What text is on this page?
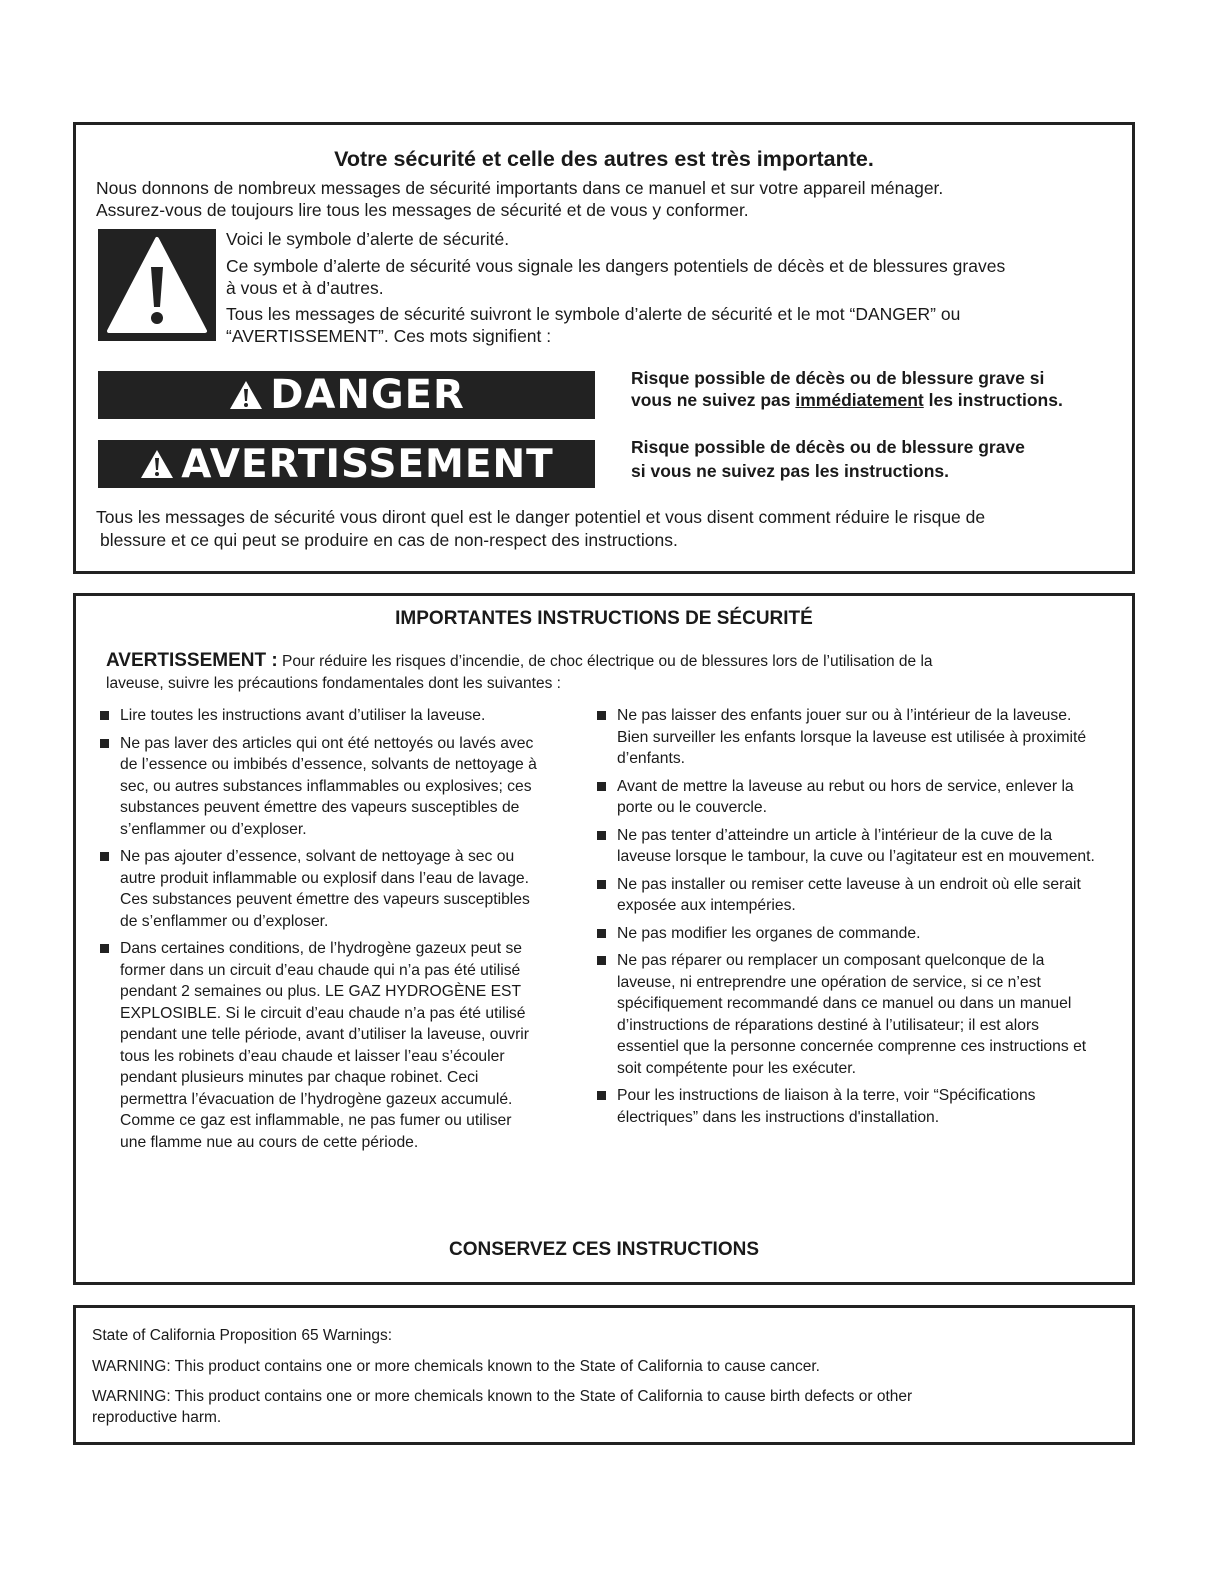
Votre sécurité et celle des autres est très importante.
Nous donnons de nombreux messages de sécurité importants dans ce manuel et sur votre appareil ménager.
Assurez-vous de toujours lire tous les messages de sécurité et de vous y conformer.
Voici le symbole d’alerte de sécurité.
Ce symbole d’alerte de sécurité vous signale les dangers potentiels de décès et de blessures graves
à vous et à d’autres.
Tous les messages de sécurité suivront le symbole d’alerte de sécurité et le mot “DANGER” ou
“AVERTISSEMENT”. Ces mots signifient :
DANGER	Risque possible de décès ou de blessure grave si
vous ne suivez pas immédiatement les instructions.
AVERTISSEMENT	Risque possible de décès ou de blessure grave
si vous ne suivez pas les instructions.
Tous les messages de sécurité vous diront quel est le danger potentiel et vous disent comment réduire le risque de
blessure et ce qui peut se produire en cas de non-respect des instructions.
IMPORTANTES INSTRUCTIONS DE SÉCURITÉ
AVERTISSEMENT : Pour réduire les risques d’incendie, de choc électrique ou de blessures lors de l’utilisation de la
laveuse, suivre les précautions fondamentales dont les suivantes :
Lire toutes les instructions avant d’utiliser la laveuse.
Ne pas laver des articles qui ont été nettoyés ou lavés avec de l’essence ou imbibés d’essence, solvants de nettoyage à sec, ou autres substances inflammables ou explosives; ces substances peuvent émettre des vapeurs susceptibles de s’enflammer ou d’exploser.
Ne pas ajouter d’essence, solvant de nettoyage à sec ou autre produit inflammable ou explosif dans l’eau de lavage. Ces substances peuvent émettre des vapeurs susceptibles de s’enflammer ou d’exploser.
Dans certaines conditions, de l’hydrogène gazeux peut se former dans un circuit d’eau chaude qui n’a pas été utilisé pendant 2 semaines ou plus. LE GAZ HYDROGÈNE EST EXPLOSIBLE. Si le circuit d’eau chaude n’a pas été utilisé pendant une telle période, avant d’utiliser la laveuse, ouvrir tous les robinets d’eau chaude et laisser l’eau s’écouler pendant plusieurs minutes par chaque robinet. Ceci permettra l’évacuation de l’hydrogène gazeux accumulé. Comme ce gaz est inflammable, ne pas fumer ou utiliser une flamme nue au cours de cette période.
Ne pas laisser des enfants jouer sur ou à l’intérieur de la laveuse. Bien surveiller les enfants lorsque la laveuse est utilisée à proximité d’enfants.
Avant de mettre la laveuse au rebut ou hors de service, enlever la porte ou le couvercle.
Ne pas tenter d’atteindre un article à l’intérieur de la cuve de la laveuse lorsque le tambour, la cuve ou l’agitateur est en mouvement.
Ne pas installer ou remiser cette laveuse à un endroit où elle serait exposée aux intempéries.
Ne pas modifier les organes de commande.
Ne pas réparer ou remplacer un composant quelconque de la laveuse, ni entreprendre une opération de service, si ce n’est spécifiquement recommandé dans ce manuel ou dans un manuel d’instructions de réparations destiné à l’utilisateur; il est alors essentiel que la personne concernée comprenne ces instructions et soit compétente pour les exécuter.
Pour les instructions de liaison à la terre, voir “Spécifications électriques” dans les instructions d'installation.
CONSERVEZ CES INSTRUCTIONS
State of California Proposition 65 Warnings:
WARNING: This product contains one or more chemicals known to the State of California to cause cancer.
WARNING: This product contains one or more chemicals known to the State of California to cause birth defects or other
reproductive harm.
